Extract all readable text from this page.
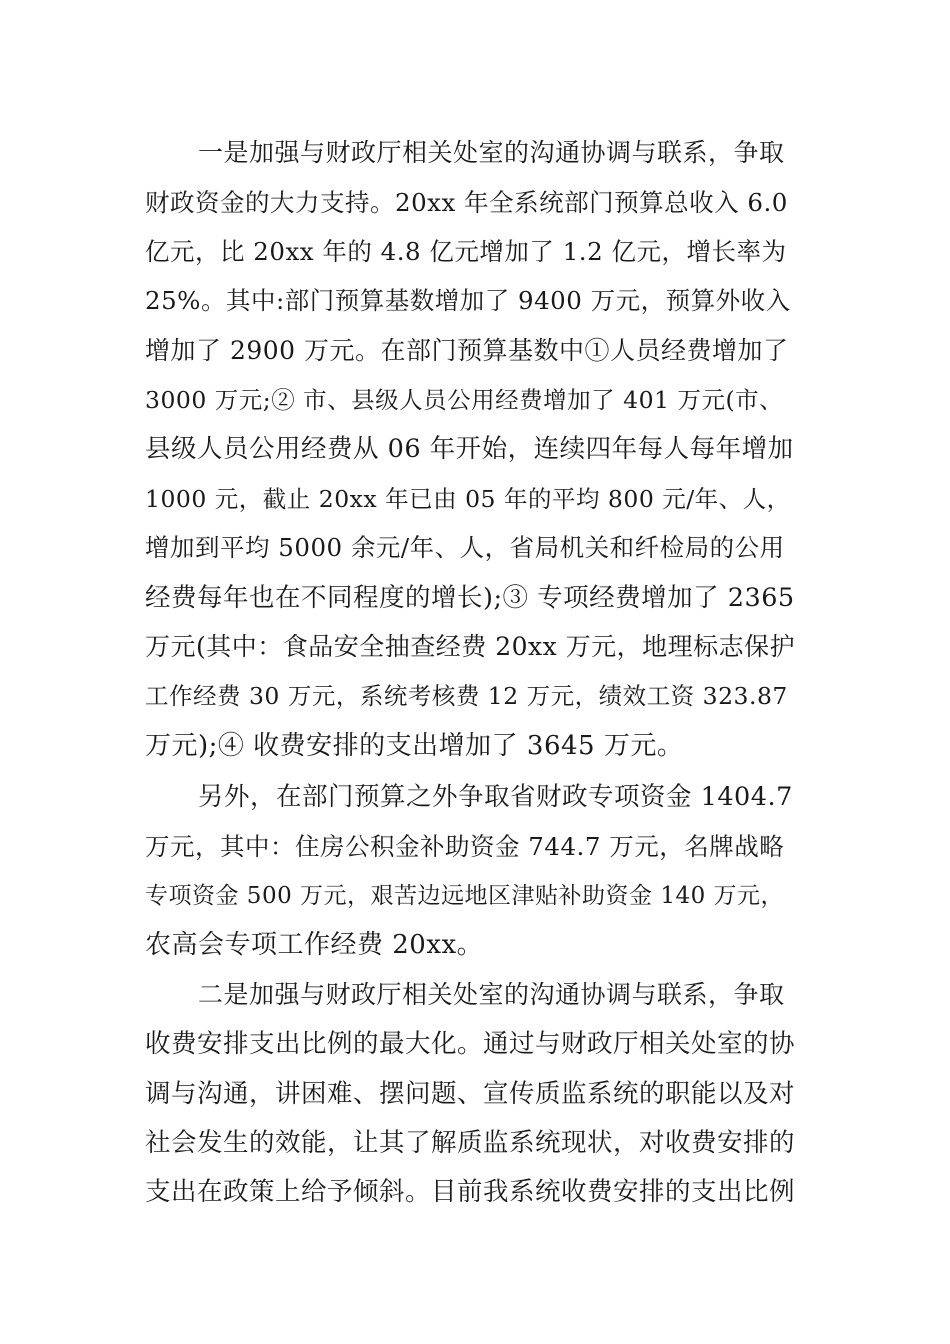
一是加强与财政厅相关处室的沟通协调与联系，争取
财政资金的大力支持。20xx 年全系统部门预算总收入 6.0
亿元，比 20xx 年的 4.8 亿元增加了 1.2 亿元，增长率为
25%。其中:部门预算基数增加了 9400 万元，预算外收入
增加了 2900 万元。在部门预算基数中①人员经费增加了
3000 万元;② 市、县级人员公用经费增加了 401 万元(市、
县级人员公用经费从 06 年开始，连续四年每人每年增加
1000 元，截止 20xx 年已由 05 年的平均 800 元/年、人，
增加到平均 5000 余元/年、人，省局机关和纤检局的公用
经费每年也在不同程度的增长);③ 专项经费增加了 2365
万元(其中：食品安全抽查经费 20xx 万元，地理标志保护
工作经费 30 万元，系统考核费 12 万元，绩效工资 323.87
万元);④ 收费安排的支出增加了 3645 万元。
另外，在部门预算之外争取省财政专项资金 1404.7
万元，其中：住房公积金补助资金 744.7 万元，名牌战略
专项资金 500 万元，艰苦边远地区津贴补助资金 140 万元，
农高会专项工作经费 20xx。
二是加强与财政厅相关处室的沟通协调与联系，争取
收费安排支出比例的最大化。通过与财政厅相关处室的协
调与沟通，讲困难、摆问题、宣传质监系统的职能以及对
社会发生的效能，让其了解质监系统现状，对收费安排的
支出在政策上给予倾斜。目前我系统收费安排的支出比例
